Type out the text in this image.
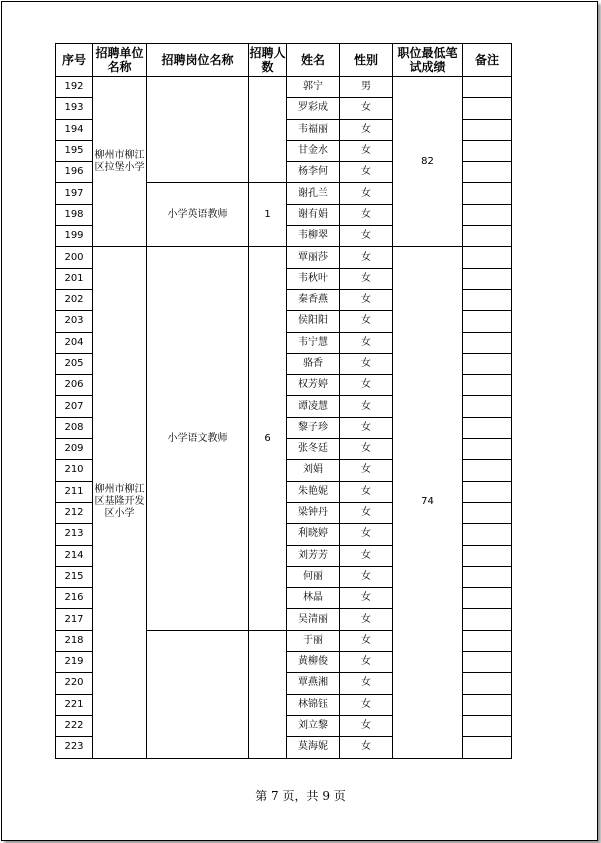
序号	招聘单位名称	招聘岗位名称	招聘人数	姓名	性别	职位最低笔试成绩	备注
192	柳州市柳江区拉堡小学			郭宁	男	82	
193				罗彩成	女		
194				韦福丽	女		
195				甘金水	女		
196				杨李何	女		
197		小学英语教师	1	谢孔兰	女		
198				谢有娟	女		
199				韦柳翠	女		
200	柳州市柳江区基隆开发区小学	小学语文教师	6	覃丽莎	女	74	
201				韦秋叶	女		
202				秦香燕	女		
203				侯阳阳	女		
204				韦宁慧	女		
205				骆香	女		
206				权芳婷	女		
207				谭凌慧	女		
208				黎子珍	女		
209				张冬廷	女		
210				刘娟	女		
211				朱艳妮	女		
212				梁钟丹	女		
213				利晓婷	女		
214				刘芳芳	女		
215				何丽	女		
216				林晶	女		
217				吴清丽	女		
218				于丽	女		
219				黄柳俊	女		
220				覃燕湘	女		
221				林锦钰	女		
222				刘立黎	女		
223				莫海妮	女		
第 7 页，共 9 页
